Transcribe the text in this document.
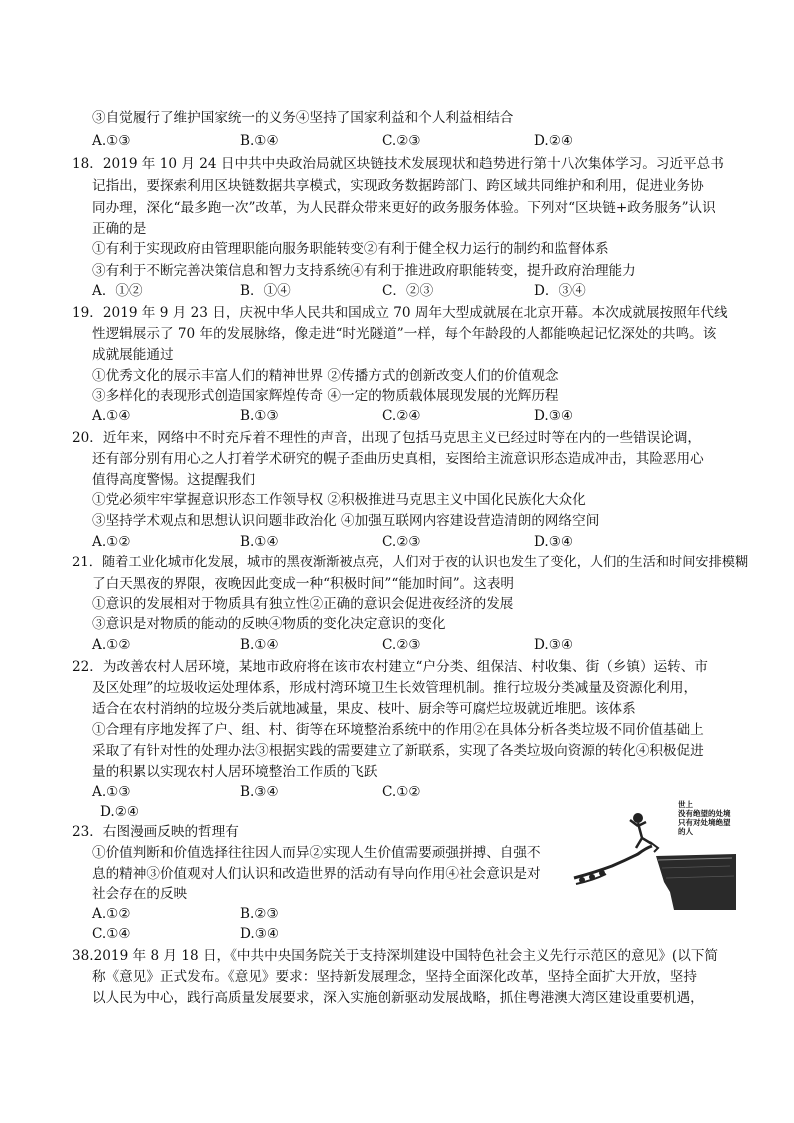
③自觉履行了维护国家统一的义务④坚持了国家利益和个人利益相结合
A.①③	B.①④	C.②③	D.②④
18．2019 年 10 月 24 日中共中央政治局就区块链技术发展现状和趋势进行第十八次集体学习。习近平总书
记指出，要探索利用区块链数据共享模式，实现政务数据跨部门、跨区域共同维护和利用，促进业务协
同办理，深化“最多跑一次”改革，为人民群众带来更好的政务服务体验。下列对“区块链+政务服务”认识
正确的是
①有利于实现政府由管理职能向服务职能转变②有利于健全权力运行的制约和监督体系
③有利于不断完善决策信息和智力支持系统④有利于推进政府职能转变，提升政府治理能力
A．①②	B．①④	C．②③	D．③④
19．2019 年 9 月 23 日，庆祝中华人民共和国成立 70 周年大型成就展在北京开幕。本次成就展按照年代线
性逻辑展示了 70 年的发展脉络，像走进“时光隧道”一样，每个年龄段的人都能唤起记忆深处的共鸣。该
成就展能通过
①优秀文化的展示丰富人们的精神世界 ②传播方式的创新改变人们的价值观念
③多样化的表现形式创造国家辉煌传奇 ④一定的物质载体展现发展的光辉历程
A.①④	B.①③	C.②④	D.③④
20．近年来，网络中不时充斥着不理性的声音，出现了包括马克思主义已经过时等在内的一些错误论调，
还有部分别有用心之人打着学术研究的幌子歪曲历史真相，妄图给主流意识形态造成冲击，其险恶用心
值得高度警惕。这提醒我们
①党必须牢牢掌握意识形态工作领导权 ②积极推进马克思主义中国化民族化大众化
③坚持学术观点和思想认识问题非政治化 ④加强互联网内容建设营造清朗的网络空间
A.①②	B.①④	C.②③	D.③④
21．随着工业化城市化发展，城市的黑夜渐渐被点亮，人们对于夜的认识也发生了变化，人们的生活和时间安排模糊
了白天黑夜的界限，夜晚因此变成一种“积极时间”“能加时间”。这表明
①意识的发展相对于物质具有独立性②正确的意识会促进夜经济的发展
③意识是对物质的能动的反映④物质的变化决定意识的变化
A.①②	B.①④	C.②③	D.③④
22．为改善农村人居环境，某地市政府将在该市农村建立“户分类、组保洁、村收集、街（乡镇）运转、市
及区处理”的垃圾收运处理体系，形成村湾环境卫生长效管理机制。推行垃圾分类减量及资源化利用，
适合在农村消纳的垃圾分类后就地减量，果皮、枝叶、厨余等可腐烂垃圾就近堆肥。该体系
①合理有序地发挥了户、组、村、街等在环境整治系统中的作用②在具体分析各类垃圾不同价值基础上
采取了有针对性的处理办法③根据实践的需要建立了新联系，实现了各类垃圾向资源的转化④积极促进
量的积累以实现农村人居环境整治工作质的飞跃
A.①③	B.③④	C.①②
D.②④
23．右图漫画反映的哲理有
①价值判断和价值选择往往因人而异②实现人生价值需要顽强拼搏、自强不
息的精神③价值观对人们认识和改造世界的活动有导向作用④社会意识是对
社会存在的反映
A.①②	B.②③
C.①④	D.③④
世上
没有绝望的处境
只有对处境绝望的人
38.2019 年 8 月 18 日，《中共中央国务院关于支持深圳建设中国特色社会主义先行示范区的意见》(以下简
称《意见》正式发布。《意见》要求：坚持新发展理念，坚持全面深化改革，坚持全面扩大开放，坚持
以人民为中心，践行高质量发展要求，深入实施创新驱动发展战略，抓住粤港澳大湾区建设重要机遇，
